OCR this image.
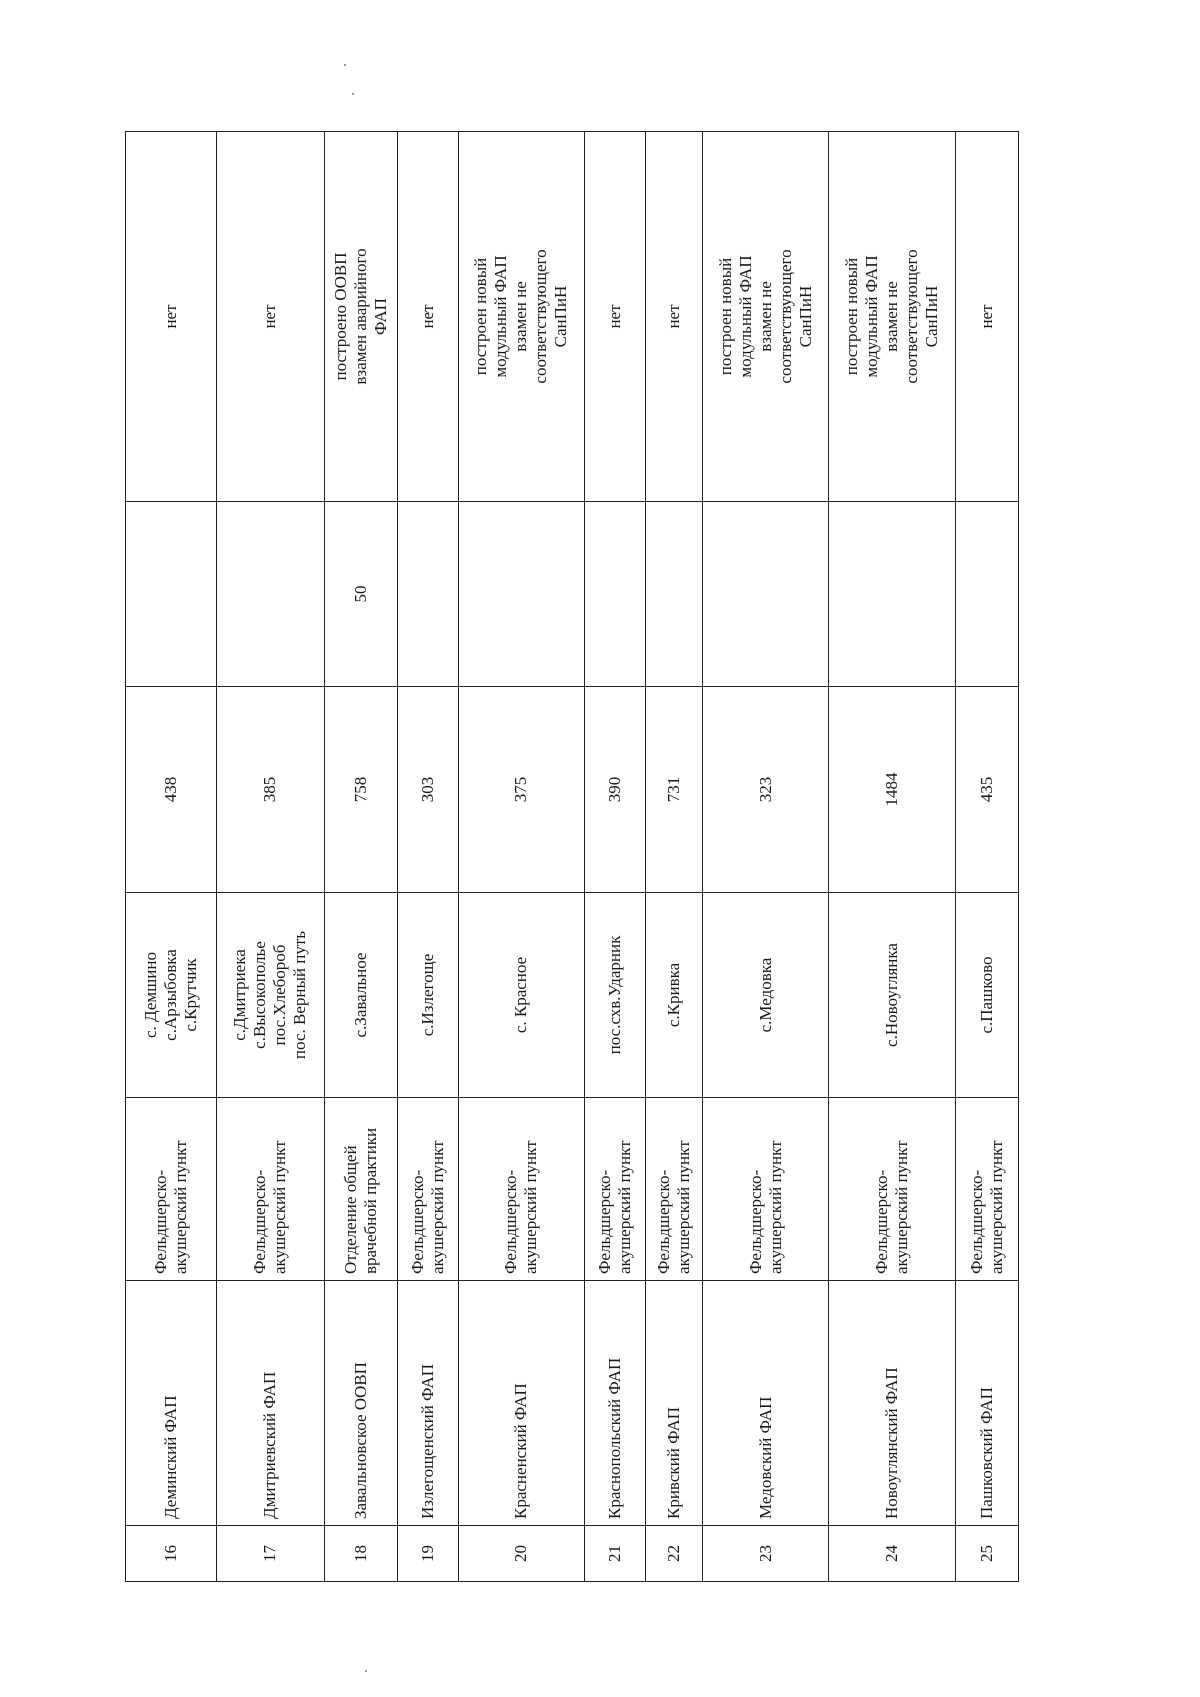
16	Деминский ФАП	Фельдшерско- акушерский пункт	с. Демшино с.Арзыбовка с.Крутчик	438		нет

17	Дмитриевский ФАП	Фельдшерско- акушерский пункт	с.Дмитриека с.Высокополье пос.Хлебороб пос. Верный путь	385		нет

18	Завальновское ООВП	Отделение общей врачебной практики	с.Завальное	758	50	построено ООВП взамен аварийного ФАП

19	Излегощенский ФАП	Фельдшерско- акушерский пункт	с.Излегоще	303		нет

20	Красненский ФАП	Фельдшерско- акушерский пункт	с. Красное	375		построен новый модульный ФАП взамен не соответствующего СанПиН

21	Краснопольский ФАП	Фельдшерско- акушерский пункт	пос.схв.Ударник	390		нет

22	Кривский ФАП	Фельдшерско- акушерский пункт	с.Кривка	731		нет

23	Медовский ФАП	Фельдшерско- акушерский пункт	с.Медовка	323		построен новый модульный ФАП взамен не соответствующего СанПиН

24	Новоуглянский ФАП	Фельдшерско- акушерский пункт	с.Новоуглянка	1484		построен новый модульный ФАП взамен не соответствующего СанПиН

25	Пашковский ФАП	Фельдшерско- акушерский пункт	с.Пашково	435		нет
